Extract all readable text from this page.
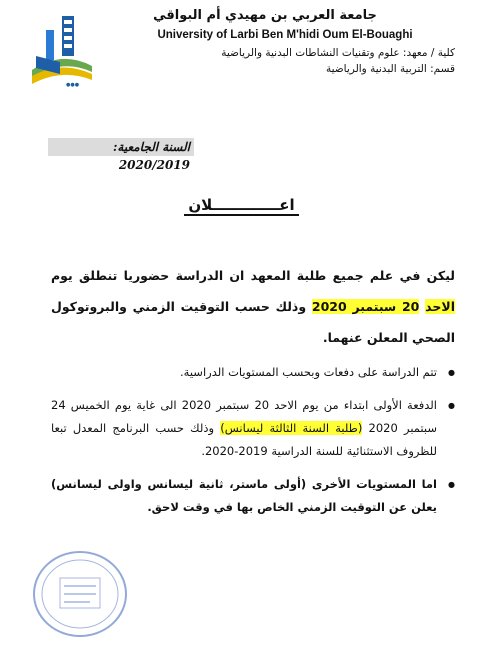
●●●
جامعة العربي بن مهيدي أم البواقي
University of Larbi Ben M'hidi Oum El-Bouaghi
كلية / معهد: علوم وتقنيات النشاطات البدنية والرياضية
قسم: التربية البدنية والرياضية
السنة الجامعية: 2020/2019
اعـــــــــــــلان
ليكن في علم جميع طلبة المعهد ان الدراسة حضوريا تنطلق يوم الاحد 20 سبتمبر 2020 وذلك حسب التوقيت الزمني والبروتوكول الصحي المعلن عنهما.
● تتم الدراسة على دفعات وبحسب المستويات الدراسية.
● الدفعة الأولى ابتداء من يوم الاحد 20 سبتمبر 2020 الى غاية يوم الخميس 24 سبتمبر 2020 (طلبة السنة الثالثة ليسانس) وذلك حسب البرنامج المعدل تبعا للظروف الاستثنائية للسنة الدراسية 2019-2020.
● اما المستويات الأخرى (أولى ماستر، ثانية ليسانس واولى ليسانس) يعلن عن التوقيت الزمني الخاص بها في وقت لاحق.
